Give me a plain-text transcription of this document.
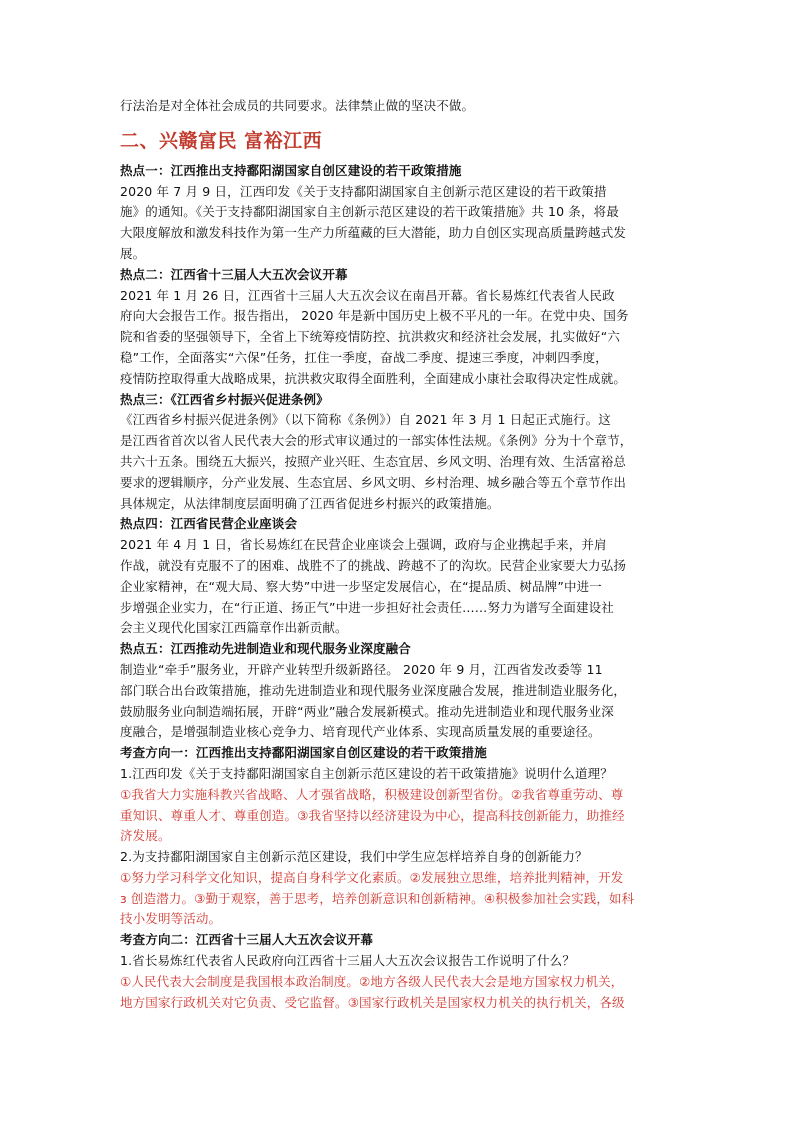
行法治是对全体社会成员的共同要求。法律禁止做的坚决不做。
二、兴赣富民 富裕江西
热点一：江西推出支持鄱阳湖国家自创区建设的若干政策措施
2020 年 7 月 9 日，江西印发《关于支持鄱阳湖国家自主创新示范区建设的若干政策措
施》的通知。《关于支持鄱阳湖国家自主创新示范区建设的若干政策措施》共 10 条，将最
大限度解放和激发科技作为第一生产力所蕴藏的巨大潜能，助力自创区实现高质量跨越式发
展。
热点二：江西省十三届人大五次会议开幕
2021 年 1 月 26 日，江西省十三届人大五次会议在南昌开幕。省长易炼红代表省人民政
府向大会报告工作。报告指出， 2020 年是新中国历史上极不平凡的一年。在党中央、国务
院和省委的坚强领导下，全省上下统筹疫情防控、抗洪救灾和经济社会发展，扎实做好“六
稳”工作，全面落实“六保”任务，扛住一季度，奋战二季度、提速三季度，冲刺四季度，
疫情防控取得重大战略成果，抗洪救灾取得全面胜利，全面建成小康社会取得决定性成就。
热点三：《江西省乡村振兴促进条例》
《江西省乡村振兴促进条例》（以下简称《条例》）自 2021 年 3 月 1 日起正式施行。这
是江西省首次以省人民代表大会的形式审议通过的一部实体性法规。《条例》分为十个章节，
共六十五条。围绕五大振兴，按照产业兴旺、生态宜居、乡风文明、治理有效、生活富裕总
要求的逻辑顺序，分产业发展、生态宜居、乡风文明、乡村治理、城乡融合等五个章节作出
具体规定，从法律制度层面明确了江西省促进乡村振兴的政策措施。
热点四：江西省民营企业座谈会
2021 年 4 月 1 日，省长易炼红在民营企业座谈会上强调，政府与企业携起手来，并肩
作战，就没有克服不了的困难、战胜不了的挑战、跨越不了的沟坎。民营企业家要大力弘扬
企业家精神，在“观大局、察大势”中进一步坚定发展信心，在“提品质、树品牌”中进一
步增强企业实力，在“行正道、扬正气”中进一步担好社会责任……努力为谱写全面建设社
会主义现代化国家江西篇章作出新贡献。
热点五：江西推动先进制造业和现代服务业深度融合
制造业“牵手”服务业，开辟产业转型升级新路径。 2020 年 9 月，江西省发改委等 11
部门联合出台政策措施，推动先进制造业和现代服务业深度融合发展，推进制造业服务化，
鼓励服务业向制造端拓展，开辟“两业”融合发展新模式。推动先进制造业和现代服务业深
度融合，是增强制造业核心竞争力、培育现代产业体系、实现高质量发展的重要途径。
考查方向一：江西推出支持鄱阳湖国家自创区建设的若干政策措施
1.江西印发《关于支持鄱阳湖国家自主创新示范区建设的若干政策措施》说明什么道理？
①我省大力实施科教兴省战略、人才强省战略，积极建设创新型省份。②我省尊重劳动、尊
重知识、尊重人才、尊重创造。③我省坚持以经济建设为中心，提高科技创新能力，助推经
济发展。
2.为支持鄱阳湖国家自主创新示范区建设，我们中学生应怎样培养自身的创新能力？
①努力学习科学文化知识，提高自身科学文化素质。②发展独立思维，培养批判精神，开发
з 创造潜力。③勤于观察，善于思考，培养创新意识和创新精神。④积极参加社会实践，如科
技小发明等活动。
考查方向二：江西省十三届人大五次会议开幕
1.省长易炼红代表省人民政府向江西省十三届人大五次会议报告工作说明了什么？
①人民代表大会制度是我国根本政治制度。②地方各级人民代表大会是地方国家权力机关，
地方国家行政机关对它负责、受它监督。③国家行政机关是国家权力机关的执行机关，各级
